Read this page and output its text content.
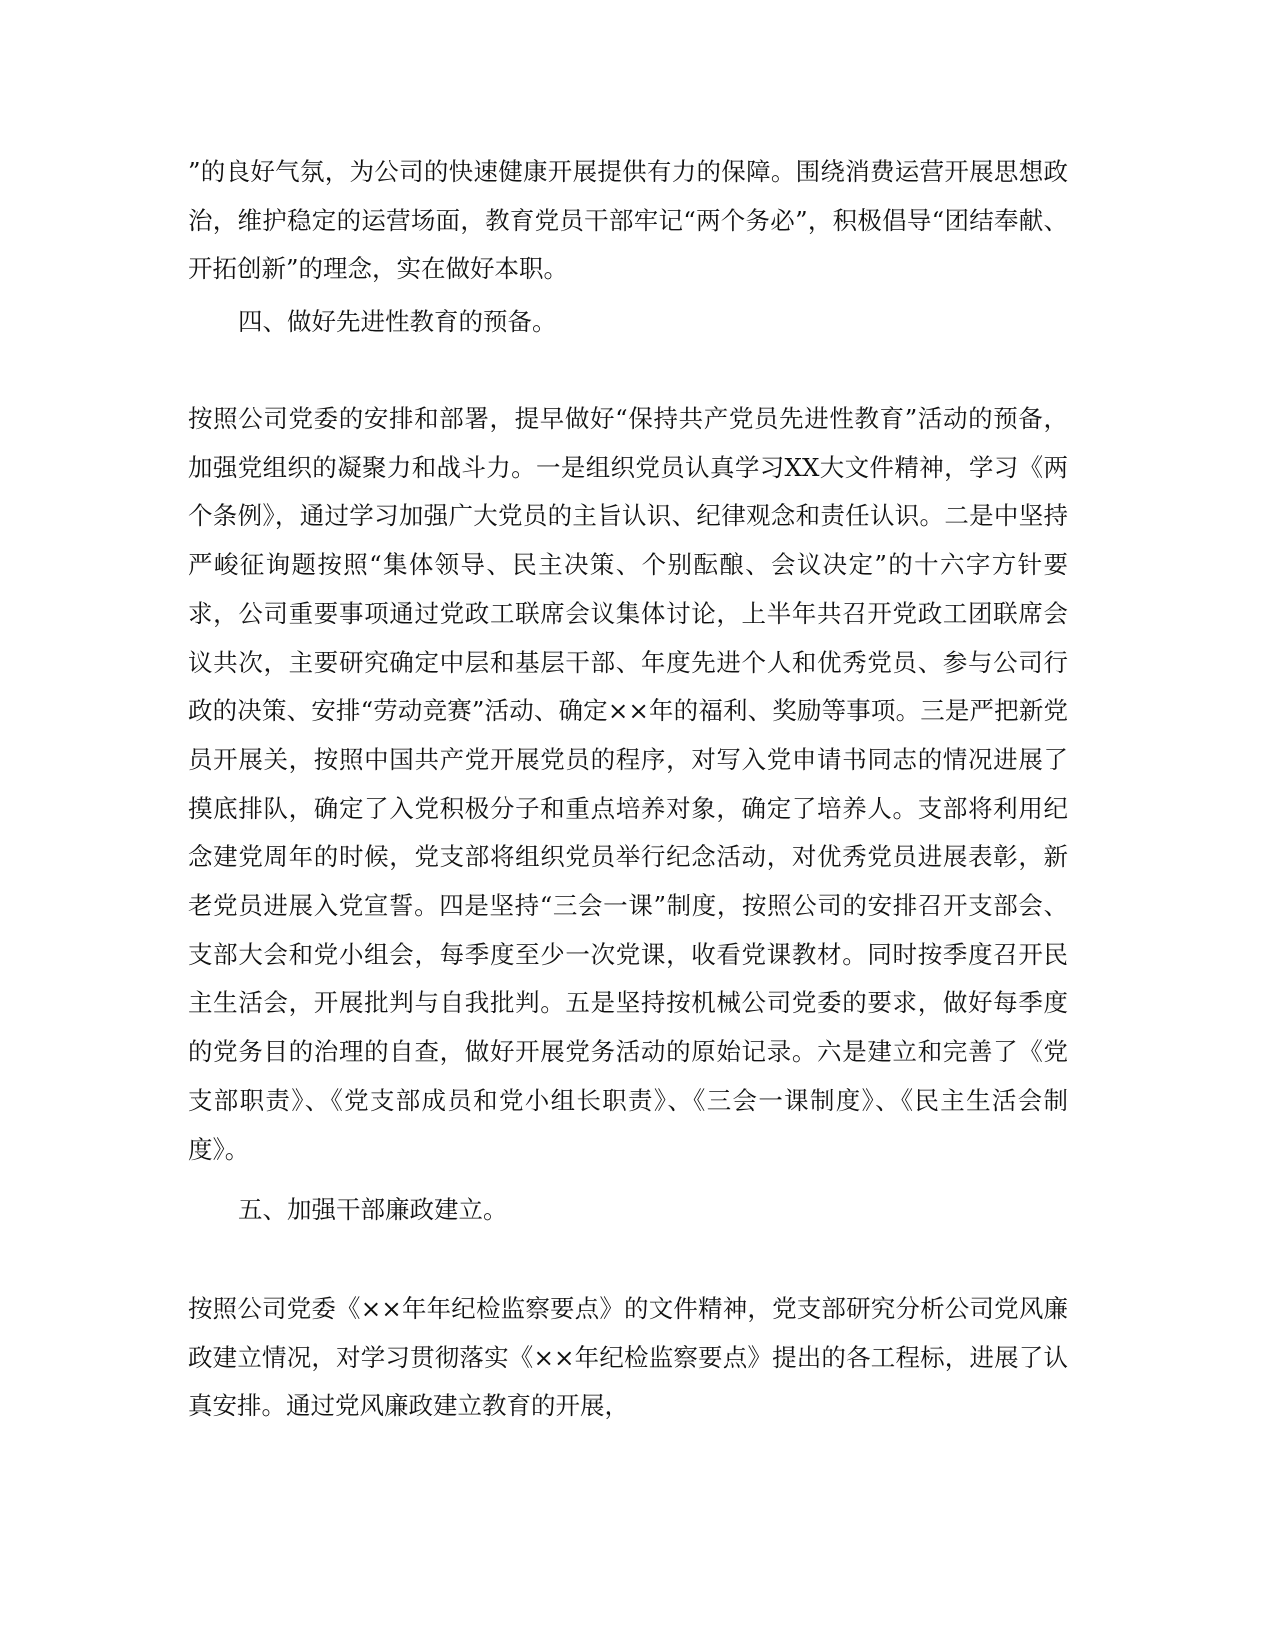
”的良好气氛，为公司的快速健康开展提供有力的保障。围绕消费运营开展思想政治，维护稳定的运营场面，教育党员干部牢记“两个务必”，积极倡导“团结奉献、开拓创新”的理念，实在做好本职。

四、做好先进性教育的预备。

按照公司党委的安排和部署，提早做好“保持共产党员先进性教育”活动的预备，加强党组织的凝聚力和战斗力。一是组织党员认真学习XX大文件精神，学习《两个条例》，通过学习加强广大党员的主旨认识、纪律观念和责任认识。二是中坚持严峻征询题按照“集体领导、民主决策、个别酝酿、会议决定”的十六字方针要求，公司重要事项通过党政工联席会议集体讨论，上半年共召开党政工团联席会议共次，主要研究确定中层和基层干部、年度先进个人和优秀党员、参与公司行政的决策、安排“劳动竞赛”活动、确定××年的福利、奖励等事项。三是严把新党员开展关，按照中国共产党开展党员的程序，对写入党申请书同志的情况进展了摸底排队，确定了入党积极分子和重点培养对象，确定了培养人。支部将利用纪念建党周年的时候，党支部将组织党员举行纪念活动，对优秀党员进展表彰，新老党员进展入党宣誓。四是坚持“三会一课”制度，按照公司的安排召开支部会、支部大会和党小组会，每季度至少一次党课，收看党课教材。同时按季度召开民主生活会，开展批判与自我批判。五是坚持按机械公司党委的要求，做好每季度的党务目的治理的自查，做好开展党务活动的原始记录。六是建立和完善了《党支部职责》、《党支部成员和党小组长职责》、《三会一课制度》、《民主生活会制度》。

五、加强干部廉政建立。

按照公司党委《××年年纪检监察要点》的文件精神，党支部研究分析公司党风廉政建立情况，对学习贯彻落实《××年纪检监察要点》提出的各工程标，进展了认真安排。通过党风廉政建立教育的开展，
